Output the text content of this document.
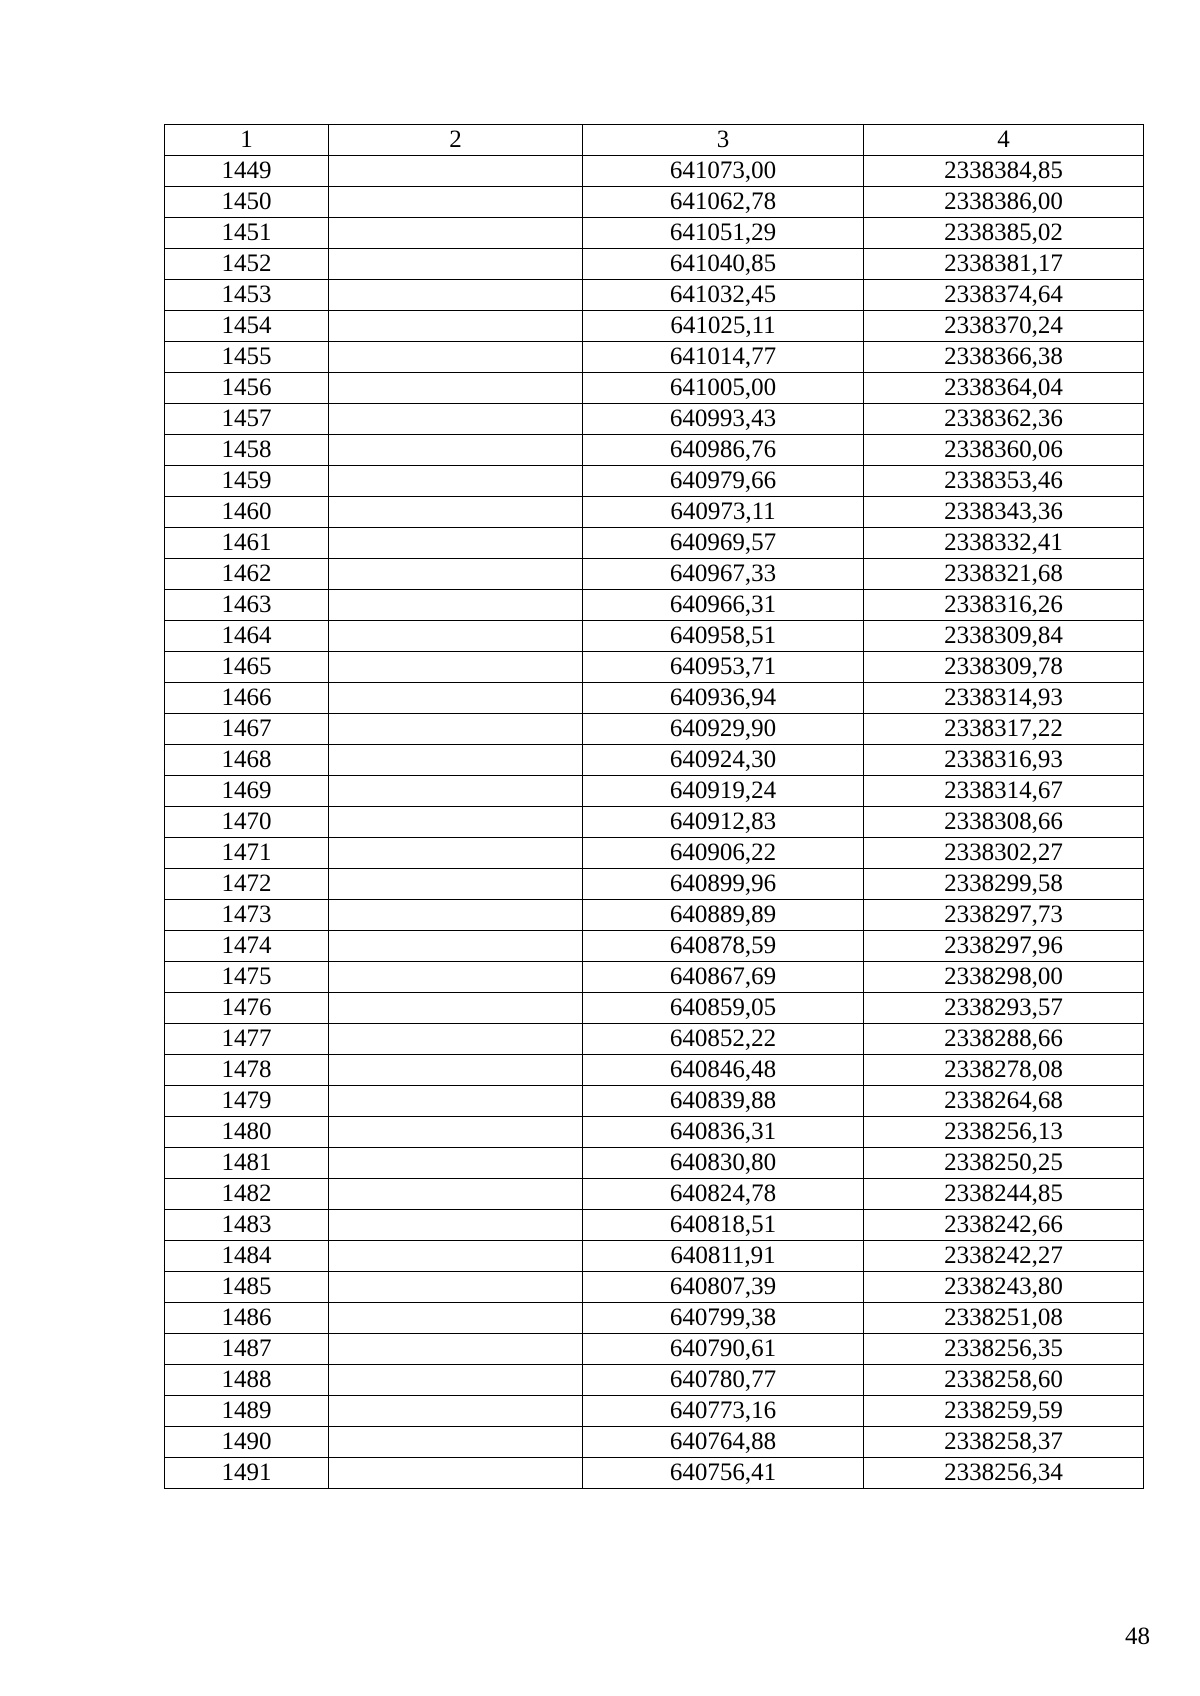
1	2	3	4
1449		641073,00	2338384,85
1450		641062,78	2338386,00
1451		641051,29	2338385,02
1452		641040,85	2338381,17
1453		641032,45	2338374,64
1454		641025,11	2338370,24
1455		641014,77	2338366,38
1456		641005,00	2338364,04
1457		640993,43	2338362,36
1458		640986,76	2338360,06
1459		640979,66	2338353,46
1460		640973,11	2338343,36
1461		640969,57	2338332,41
1462		640967,33	2338321,68
1463		640966,31	2338316,26
1464		640958,51	2338309,84
1465		640953,71	2338309,78
1466		640936,94	2338314,93
1467		640929,90	2338317,22
1468		640924,30	2338316,93
1469		640919,24	2338314,67
1470		640912,83	2338308,66
1471		640906,22	2338302,27
1472		640899,96	2338299,58
1473		640889,89	2338297,73
1474		640878,59	2338297,96
1475		640867,69	2338298,00
1476		640859,05	2338293,57
1477		640852,22	2338288,66
1478		640846,48	2338278,08
1479		640839,88	2338264,68
1480		640836,31	2338256,13
1481		640830,80	2338250,25
1482		640824,78	2338244,85
1483		640818,51	2338242,66
1484		640811,91	2338242,27
1485		640807,39	2338243,80
1486		640799,38	2338251,08
1487		640790,61	2338256,35
1488		640780,77	2338258,60
1489		640773,16	2338259,59
1490		640764,88	2338258,37
1491		640756,41	2338256,34
48
